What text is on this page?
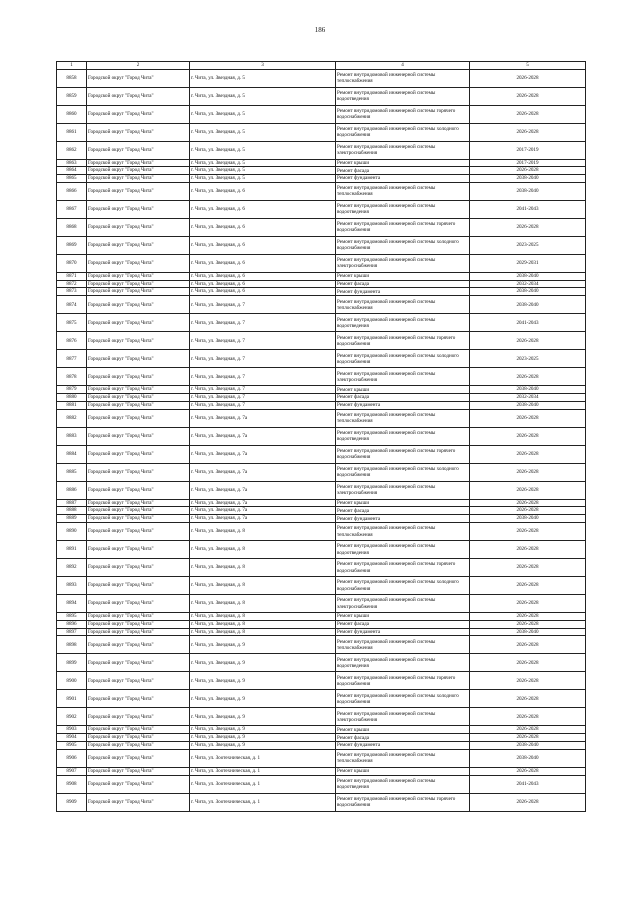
186
1	2	3	4	5
8858	Городской округ "Город Чита"	г. Чита, ул. Звездная, д. 5	Ремонт внутридомовой инженерной системы теплоснабжения	2026-2028
8859	Городской округ "Город Чита"	г. Чита, ул. Звездная, д. 5	Ремонт внутридомовой инженерной системы водоотведения	2026-2028
8860	Городской округ "Город Чита"	г. Чита, ул. Звездная, д. 5	Ремонт внутридомовой инженерной системы горячего водоснабжения	2026-2028
8861	Городской округ "Город Чита"	г. Чита, ул. Звездная, д. 5	Ремонт внутридомовой инженерной системы холодного водоснабжения	2026-2028
8862	Городской округ "Город Чита"	г. Чита, ул. Звездная, д. 5	Ремонт внутридомовой инженерной системы электроснабжения	2017-2019
8863	Городской округ "Город Чита"	г. Чита, ул. Звездная, д. 5	Ремонт крыши	2017-2019
8864	Городской округ "Город Чита"	г. Чита, ул. Звездная, д. 5	Ремонт фасада	2026-2028
8865	Городской округ "Город Чита"	г. Чита, ул. Звездная, д. 5	Ремонт фундамента	2038-2040
8866	Городской округ "Город Чита"	г. Чита, ул. Звездная, д. 6	Ремонт внутридомовой инженерной системы теплоснабжения	2038-2040
8867	Городской округ "Город Чита"	г. Чита, ул. Звездная, д. 6	Ремонт внутридомовой инженерной системы водоотведения	2041-2043
8868	Городской округ "Город Чита"	г. Чита, ул. Звездная, д. 6	Ремонт внутридомовой инженерной системы горячего водоснабжения	2026-2028
8869	Городской округ "Город Чита"	г. Чита, ул. Звездная, д. 6	Ремонт внутридомовой инженерной системы холодного водоснабжения	2023-2025
8870	Городской округ "Город Чита"	г. Чита, ул. Звездная, д. 6	Ремонт внутридомовой инженерной системы электроснабжения	2029-2031
8871	Городской округ "Город Чита"	г. Чита, ул. Звездная, д. 6	Ремонт крыши	2038-2040
8872	Городской округ "Город Чита"	г. Чита, ул. Звездная, д. 6	Ремонт фасада	2032-2034
8873	Городской округ "Город Чита"	г. Чита, ул. Звездная, д. 6	Ремонт фундамента	2038-2040
8874	Городской округ "Город Чита"	г. Чита, ул. Звездная, д. 7	Ремонт внутридомовой инженерной системы теплоснабжения	2038-2040
8875	Городской округ "Город Чита"	г. Чита, ул. Звездная, д. 7	Ремонт внутридомовой инженерной системы водоотведения	2041-2043
8876	Городской округ "Город Чита"	г. Чита, ул. Звездная, д. 7	Ремонт внутридомовой инженерной системы горячего водоснабжения	2026-2028
8877	Городской округ "Город Чита"	г. Чита, ул. Звездная, д. 7	Ремонт внутридомовой инженерной системы холодного водоснабжения	2023-2025
8878	Городской округ "Город Чита"	г. Чита, ул. Звездная, д. 7	Ремонт внутридомовой инженерной системы электроснабжения	2026-2028
8879	Городской округ "Город Чита"	г. Чита, ул. Звездная, д. 7	Ремонт крыши	2038-2040
8880	Городской округ "Город Чита"	г. Чита, ул. Звездная, д. 7	Ремонт фасада	2032-2034
8881	Городской округ "Город Чита"	г. Чита, ул. Звездная, д. 7	Ремонт фундамента	2038-2040
8882	Городской округ "Город Чита"	г. Чита, ул. Звездная, д. 7а	Ремонт внутридомовой инженерной системы теплоснабжения	2026-2028
8883	Городской округ "Город Чита"	г. Чита, ул. Звездная, д. 7а	Ремонт внутридомовой инженерной системы водоотведения	2026-2028
8884	Городской округ "Город Чита"	г. Чита, ул. Звездная, д. 7а	Ремонт внутридомовой инженерной системы горячего водоснабжения	2026-2028
8885	Городской округ "Город Чита"	г. Чита, ул. Звездная, д. 7а	Ремонт внутридомовой инженерной системы холодного водоснабжения	2026-2028
8886	Городской округ "Город Чита"	г. Чита, ул. Звездная, д. 7а	Ремонт внутридомовой инженерной системы электроснабжения	2026-2028
8887	Городской округ "Город Чита"	г. Чита, ул. Звездная, д. 7а	Ремонт крыши	2026-2028
8888	Городской округ "Город Чита"	г. Чита, ул. Звездная, д. 7а	Ремонт фасада	2026-2028
8889	Городской округ "Город Чита"	г. Чита, ул. Звездная, д. 7а	Ремонт фундамента	2038-2040
8890	Городской округ "Город Чита"	г. Чита, ул. Звездная, д. 8	Ремонт внутридомовой инженерной системы теплоснабжения	2026-2028
8891	Городской округ "Город Чита"	г. Чита, ул. Звездная, д. 8	Ремонт внутридомовой инженерной системы водоотведения	2026-2028
8892	Городской округ "Город Чита"	г. Чита, ул. Звездная, д. 8	Ремонт внутридомовой инженерной системы горячего водоснабжения	2026-2028
8893	Городской округ "Город Чита"	г. Чита, ул. Звездная, д. 8	Ремонт внутридомовой инженерной системы холодного водоснабжения	2026-2028
8894	Городской округ "Город Чита"	г. Чита, ул. Звездная, д. 8	Ремонт внутридомовой инженерной системы электроснабжения	2026-2028
8895	Городской округ "Город Чита"	г. Чита, ул. Звездная, д. 8	Ремонт крыши	2026-2028
8896	Городской округ "Город Чита"	г. Чита, ул. Звездная, д. 8	Ремонт фасада	2026-2028
8897	Городской округ "Город Чита"	г. Чита, ул. Звездная, д. 8	Ремонт фундамента	2038-2040
8898	Городской округ "Город Чита"	г. Чита, ул. Звездная, д. 9	Ремонт внутридомовой инженерной системы теплоснабжения	2026-2028
8899	Городской округ "Город Чита"	г. Чита, ул. Звездная, д. 9	Ремонт внутридомовой инженерной системы водоотведения	2026-2028
8900	Городской округ "Город Чита"	г. Чита, ул. Звездная, д. 9	Ремонт внутридомовой инженерной системы горячего водоснабжения	2026-2028
8901	Городской округ "Город Чита"	г. Чита, ул. Звездная, д. 9	Ремонт внутридомовой инженерной системы холодного водоснабжения	2026-2028
8902	Городской округ "Город Чита"	г. Чита, ул. Звездная, д. 9	Ремонт внутридомовой инженерной системы электроснабжения	2026-2028
8903	Городской округ "Город Чита"	г. Чита, ул. Звездная, д. 9	Ремонт крыши	2026-2028
8904	Городской округ "Город Чита"	г. Чита, ул. Звездная, д. 9	Ремонт фасада	2026-2028
8905	Городской округ "Город Чита"	г. Чита, ул. Звездная, д. 9	Ремонт фундамента	2038-2040
8906	Городской округ "Город Чита"	г. Чита, ул. Зоотехническая, д. 1	Ремонт внутридомовой инженерной системы теплоснабжения	2038-2040
8907	Городской округ "Город Чита"	г. Чита, ул. Зоотехническая, д. 1	Ремонт крыши	2026-2028
8908	Городской округ "Город Чита"	г. Чита, ул. Зоотехническая, д. 1	Ремонт внутридомовой инженерной системы водоотведения	2041-2043
8909	Городской округ "Город Чита"	г. Чита, ул. Зоотехническая, д. 1	Ремонт внутридомовой инженерной системы горячего водоснабжения	2026-2028
